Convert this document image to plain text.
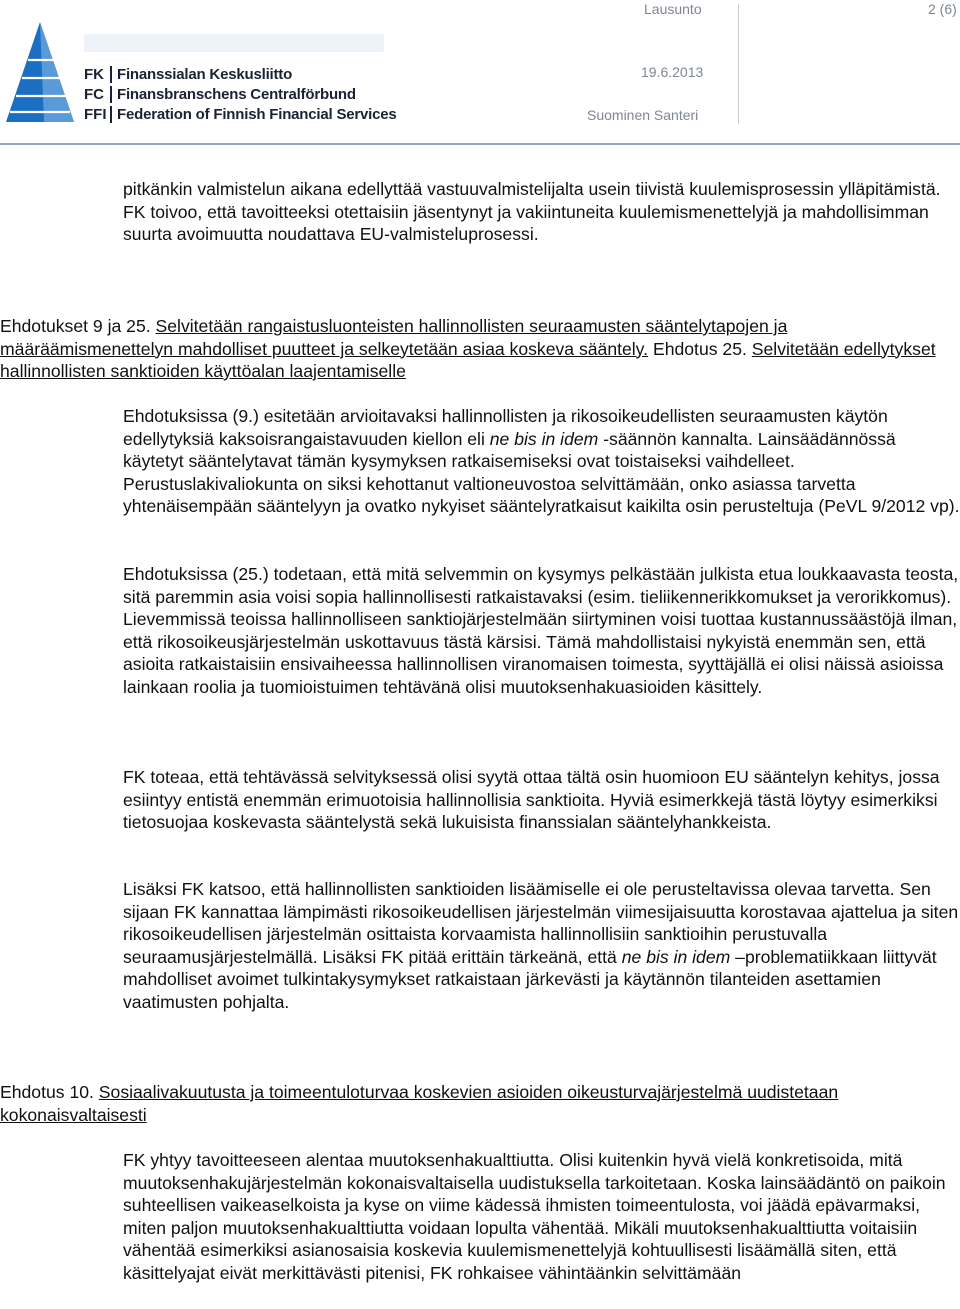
FK Finanssialan Keskusliitto
FC Finansbranschens Centralförbund
FFI Federation of Finnish Financial Services
Lausunto	2 (6)
19.6.2013
Suominen Santeri

pitkänkin valmistelun aikana edellyttää vastuuvalmistelijalta usein tiivistä kuulemisprosessin ylläpitämistä. FK toivoo, että tavoitteeksi otettaisiin jäsentynyt ja vakiintuneita kuulemismenettelyjä ja mahdollisimman suurta avoimuutta noudattava EU-valmisteluprosessi.

Ehdotukset 9 ja 25. Selvitetään rangaistusluonteisten hallinnollisten seuraamusten sääntelytapojen ja määräämismenettelyn mahdolliset puutteet ja selkeytetään asiaa koskeva sääntely. Ehdotus 25. Selvitetään edellytykset hallinnollisten sanktioiden käyttöalan laajentamiselle

Ehdotuksissa (9.) esitetään arvioitavaksi hallinnollisten ja rikosoikeudellisten seuraamusten käytön edellytyksiä kaksoisrangaistavuuden kiellon eli ne bis in idem -säännön kannalta. Lainsäädännössä käytetyt sääntelytavat tämän kysymyksen ratkaisemiseksi ovat toistaiseksi vaihdelleet. Perustuslakivaliokunta on siksi kehottanut valtioneuvostoa selvittämään, onko asiassa tarvetta yhtenäisempään sääntelyyn ja ovatko nykyiset sääntelyratkaisut kaikilta osin perusteltuja (PeVL 9/2012 vp).

Ehdotuksissa (25.) todetaan, että mitä selvemmin on kysymys pelkästään julkista etua loukkaavasta teosta, sitä paremmin asia voisi sopia hallinnollisesti ratkaistavaksi (esim. tieliikennerikkomukset ja verorikkomus). Lievemmissä teoissa hallinnolliseen sanktiojärjestelmään siirtyminen voisi tuottaa kustannussäästöjä ilman, että rikosoikeusjärjestelmän uskottavuus tästä kärsisi. Tämä mahdollistaisi nykyistä enemmän sen, että asioita ratkaistaisiin ensivaiheessa hallinnollisen viranomaisen toimesta, syyttäjällä ei olisi näissä asioissa lainkaan roolia ja tuomioistuimen tehtävänä olisi muutoksenhakuasioiden käsittely.

FK toteaa, että tehtävässä selvityksessä olisi syytä ottaa tältä osin huomioon EU sääntelyn kehitys, jossa esiintyy entistä enemmän erimuotoisia hallinnollisia sanktioita. Hyviä esimerkkejä tästä löytyy esimerkiksi tietosuojaa koskevasta sääntelystä sekä lukuisista finanssialan sääntelyhankkeista.

Lisäksi FK katsoo, että hallinnollisten sanktioiden lisäämiselle ei ole perusteltavissa olevaa tarvetta. Sen sijaan FK kannattaa lämpimästi rikosoikeudellisen järjestelmän viimesijaisuutta korostavaa ajattelua ja siten rikosoikeudellisen järjestelmän osittaista korvaamista hallinnollisiin sanktioihin perustuvalla seuraamusjärjestelmällä. Lisäksi FK pitää erittäin tärkeänä, että ne bis in idem –problematiikkaan liittyvät mahdolliset avoimet tulkintakysymykset ratkaistaan järkevästi ja käytännön tilanteiden asettamien vaatimusten pohjalta.

Ehdotus 10. Sosiaalivakuutusta ja toimeentuloturvaa koskevien asioiden oikeusturvajärjestelmä uudistetaan kokonaisvaltaisesti

FK yhtyy tavoitteeseen alentaa muutoksenhakualttiutta. Olisi kuitenkin hyvä vielä konkretisoida, mitä muutoksenhakujärjestelmän kokonaisvaltaisella uudistuksella tarkoitetaan. Koska lainsäädäntö on paikoin suhteellisen vaikeaselkoista ja kyse on viime kädessä ihmisten toimeentulosta, voi jäädä epävarmaksi, miten paljon muutoksenhakualttiutta voidaan lopulta vähentää. Mikäli muutoksenhakualttiutta voitaisiin vähentää esimerkiksi asianosaisia koskevia kuulemismenettelyjä kohtuullisesti lisäämällä siten, että käsittelyajat eivät merkittävästi pitenisi, FK rohkaisee vähintäänkin selvittämään
